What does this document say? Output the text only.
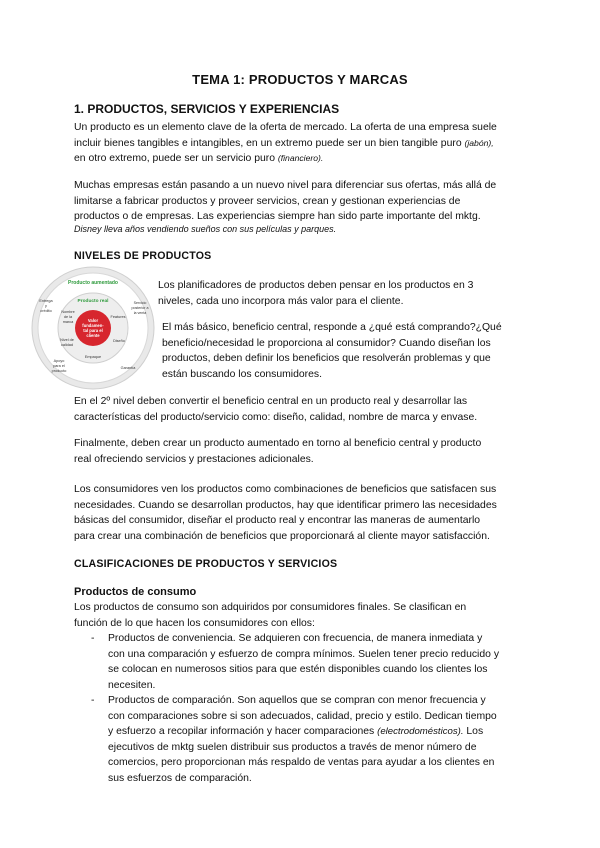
TEMA 1: PRODUCTOS Y MARCAS

1. PRODUCTOS, SERVICIOS Y EXPERIENCIAS

Un producto es un elemento clave de la oferta de mercado. La oferta de una empresa suele

incluir bienes tangibles e intangibles, en un extremo puede ser un bien tangible puro (jabón),

en otro extremo, puede ser un servicio puro (financiero).

Muchas empresas están pasando a un nuevo nivel para diferenciar sus ofertas, más allá de

limitarse a fabricar productos y proveer servicios, crean y gestionan experiencias de

productos o de empresas. Las experiencias siempre han sido parte importante del mktg.

Disney lleva años vendiendo sueños con sus películas y parques.

NIVELES DE PRODUCTOS

Producto aumentado
Producto real
Valor
fundamen-
tal para el
cliente
Entrega
y
crédito
Servicio
posterior a
la venta
Apoyo
para el
producto
Garantía
Nombre
de la
marca
Nivel de
calidad
Features
Diseño
Empaque

Los planificadores de productos deben pensar en los productos en 3

niveles, cada uno incorpora más valor para el cliente.

El más básico, beneficio central, responde a ¿qué está comprando?¿Qué

beneficio/necesidad le proporciona al consumidor? Cuando diseñan los

productos, deben definir los beneficios que resolverán problemas y que

están buscando los consumidores.

En el 2º nivel deben convertir el beneficio central en un producto real y desarrollar las

características del producto/servicio como: diseño, calidad, nombre de marca y envase.

Finalmente, deben crear un producto aumentado en torno al beneficio central y producto

real ofreciendo servicios y prestaciones adicionales.

Los consumidores ven los productos como combinaciones de beneficios que satisfacen sus

necesidades. Cuando se desarrollan productos, hay que identificar primero las necesidades

básicas del consumidor, diseñar el producto real y encontrar las maneras de aumentarlo

para crear una combinación de beneficios que proporcionará al cliente mayor satisfacción.

CLASIFICACIONES DE PRODUCTOS Y SERVICIOS

Productos de consumo

Los productos de consumo son adquiridos por consumidores finales. Se clasifican en

función de lo que hacen los consumidores con ellos:

- Productos de conveniencia. Se adquieren con frecuencia, de manera inmediata y

con una comparación y esfuerzo de compra mínimos. Suelen tener precio reducido y

se colocan en numerosos sitios para que estén disponibles cuando los clientes los

necesiten.

- Productos de comparación. Son aquellos que se compran con menor frecuencia y

con comparaciones sobre si son adecuados, calidad, precio y estilo. Dedican tiempo

y esfuerzo a recopilar información y hacer comparaciones (electrodomésticos). Los

ejecutivos de mktg suelen distribuir sus productos a través de menor número de

comercios, pero proporcionan más respaldo de ventas para ayudar a los clientes en

sus esfuerzos de comparación.
